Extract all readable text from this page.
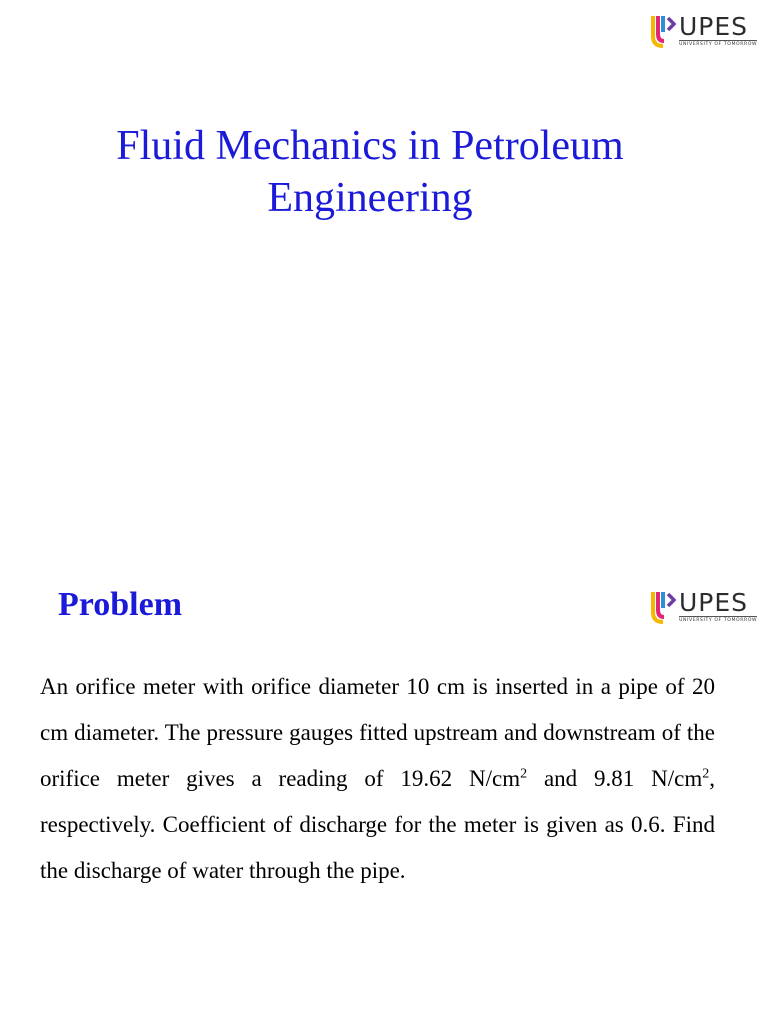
UPES
UNIVERSITY OF TOMORROW
Fluid Mechanics in Petroleum
Engineering
Problem	UPES
UNIVERSITY OF TOMORROW
An orifice meter with orifice diameter 10 cm is inserted in a pipe of 20 cm diameter. The pressure gauges fitted upstream and downstream of the orifice meter gives a reading of 19.62 $N/cm^2$ and 9.81 $N/cm^2$, respectively. Coefficient of discharge for the meter is given as 0.6. Find the discharge of water through the pipe.
